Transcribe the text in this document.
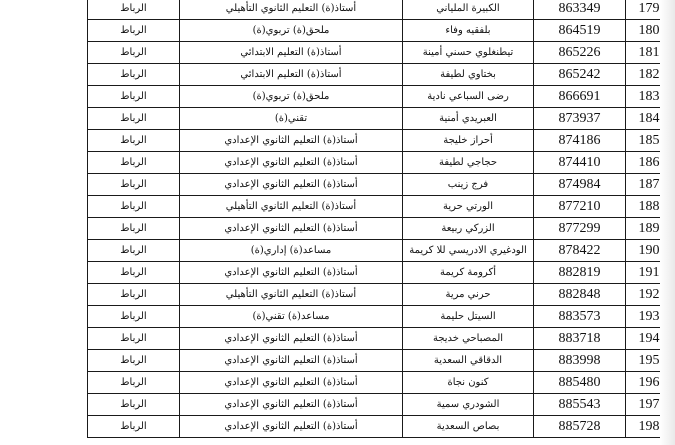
الرباط	أستاذ(ة) التعليم الثانوي التأهيلي	الكبيرة الملياني	863349	179
الرباط	ملحق(ة) تربوي(ة)	بلفقيه وفاء	864519	180
الرباط	أستاذ(ة) التعليم الابتدائي	تيطنغلوي حسني أمينة	865226	181
الرباط	أستاذ(ة) التعليم الابتدائي	بختاوي لطيفة	865242	182
الرباط	ملحق(ة) تربوي(ة)	رضى السباعي نادية	866691	183
الرباط	تقني(ة)	العبريدي أمنية	873937	184
الرباط	أستاذ(ة) التعليم الثانوي الإعدادي	أحراز خليجة	874186	185
الرباط	أستاذ(ة) التعليم الثانوي الإعدادي	حجاجي لطيفة	874410	186
الرباط	أستاذ(ة) التعليم الثانوي الإعدادي	فرج زينب	874984	187
الرباط	أستاذ(ة) التعليم الثانوي التأهيلي	الورتي حرية	877210	188
الرباط	أستاذ(ة) التعليم الثانوي الإعدادي	الزركي ربيعة	877299	189
الرباط	مساعد(ة) إداري(ة)	الودغيري الادريسي للا كريمة	878422	190
الرباط	أستاذ(ة) التعليم الثانوي الإعدادي	أكرومة كريمة	882819	191
الرباط	أستاذ(ة) التعليم الثانوي التأهيلي	حرني مرية	882848	192
الرباط	مساعد(ة) تقني(ة)	السيتل حليمة	883573	193
الرباط	أستاذ(ة) التعليم الثانوي الإعدادي	المصباحي خديجة	883718	194
الرباط	أستاذ(ة) التعليم الثانوي الإعدادي	الدقاقي السعدية	883998	195
الرباط	أستاذ(ة) التعليم الثانوي الإعدادي	كنون نجاة	885480	196
الرباط	أستاذ(ة) التعليم الثانوي الإعدادي	الشودري سمية	885543	197
الرباط	أستاذ(ة) التعليم الثانوي الإعدادي	بصاص السعدية	885728	198
